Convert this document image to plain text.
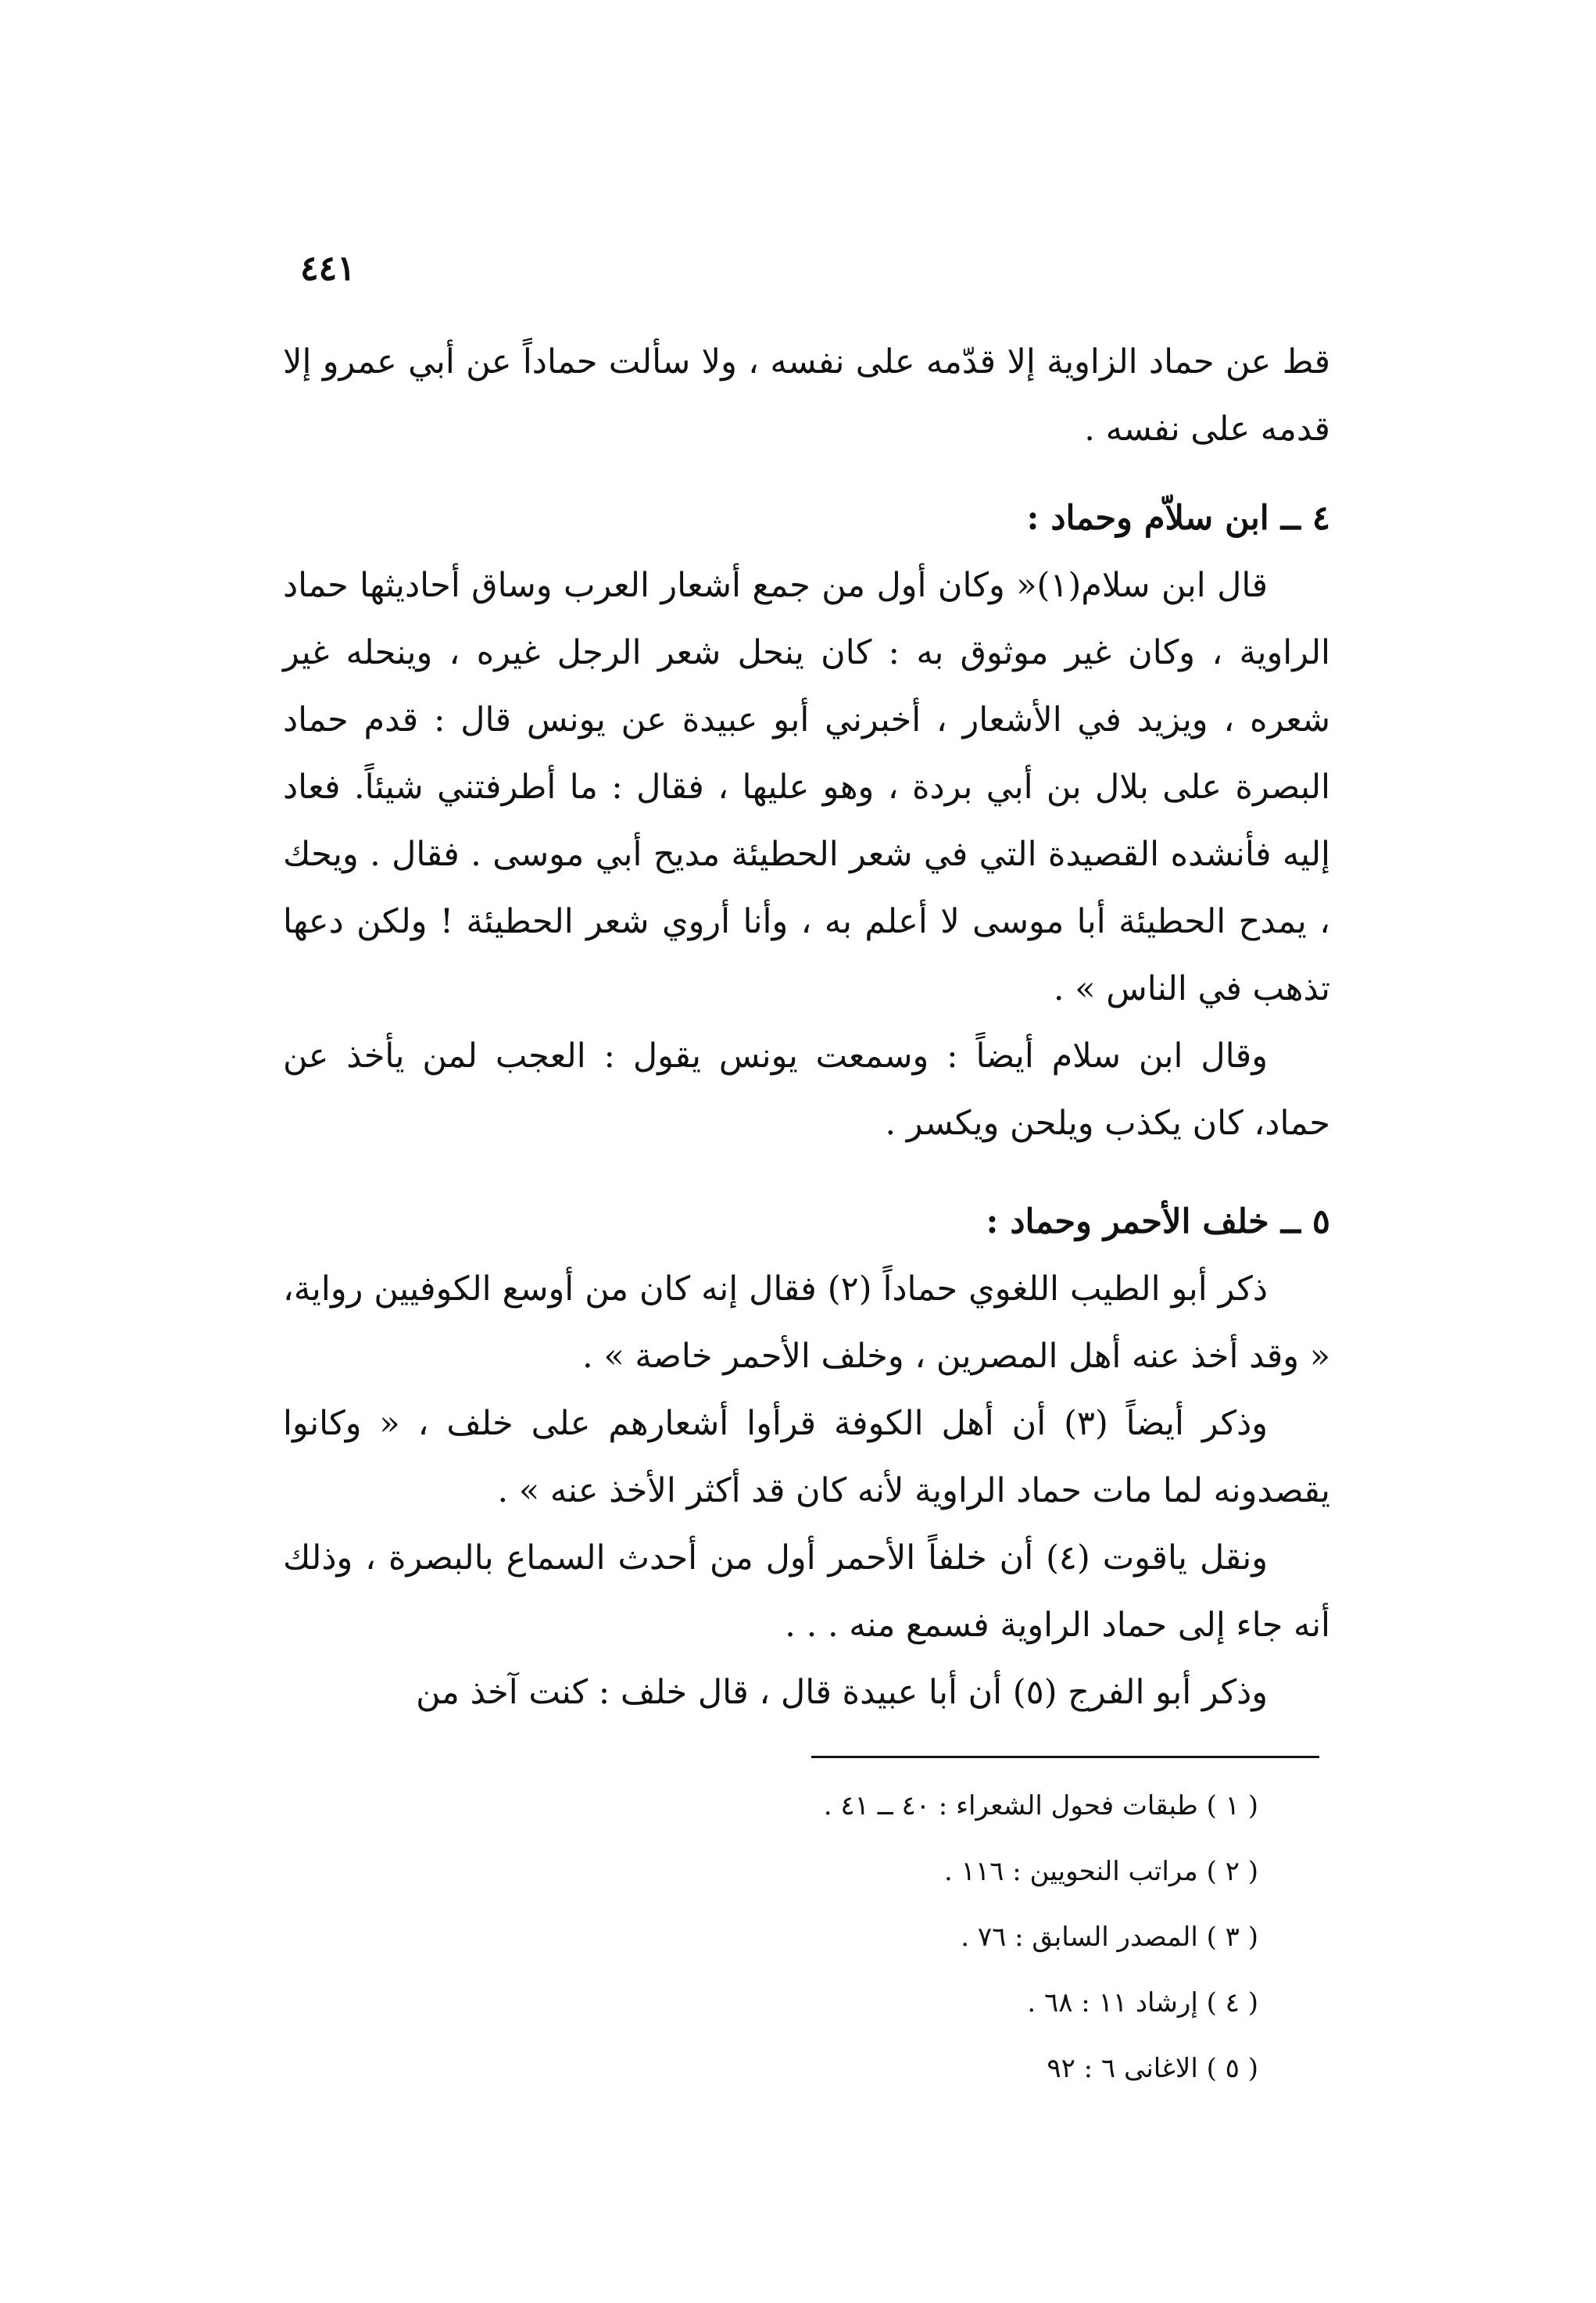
٤٤١

قط عن حماد الزاوية إلا قدّمه على نفسه ، ولا سألت حماداً عن أبي عمرو إلا قدمه على نفسه .

٤ ــ ابن سلاّم وحماد :

قال ابن سلام(١)« وكان أول من جمع أشعار العرب وساق أحاديثها حماد الراوية ، وكان غير موثوق به : كان ينحل شعر الرجل غيره ، وينحله غير شعره ، ويزيد في الأشعار ، أخبرني أبو عبيدة عن يونس قال : قدم حماد البصرة على بلال بن أبي بردة ، وهو عليها ، فقال : ما أطرفتني شيئاً. فعاد إليه فأنشده القصيدة التي في شعر الحطيئة مديح أبي موسى . فقال . ويحك ، يمدح الحطيئة أبا موسى لا أعلم به ، وأنا أروي شعر الحطيئة ! ولكن دعها تذهب في الناس » .

وقال ابن سلام أيضاً : وسمعت يونس يقول : العجب لمن يأخذ عن حماد، كان يكذب ويلحن ويكسر .

٥ ــ خلف الأحمر وحماد :

ذكر أبو الطيب اللغوي حماداً (٢) فقال إنه كان من أوسع الكوفيين رواية، « وقد أخذ عنه أهل المصرين ، وخلف الأحمر خاصة » .

وذكر أيضاً (٣) أن أهل الكوفة قرأوا أشعارهم على خلف ، « وكانوا يقصدونه لما مات حماد الراوية لأنه كان قد أكثر الأخذ عنه » .

ونقل ياقوت (٤) أن خلفاً الأحمر أول من أحدث السماع بالبصرة ، وذلك أنه جاء إلى حماد الراوية فسمع منه . . .

وذكر أبو الفرج (٥) أن أبا عبيدة قال ، قال خلف : كنت آخذ من

( ١ ) طبقات فحول الشعراء : ٤٠ ــ ٤١ .

( ٢ ) مراتب النحويين : ١١٦ .

( ٣ ) المصدر السابق : ٧٦ .

( ٤ ) إرشاد ١١ : ٦٨ .

( ٥ ) الاغانى ٦ : ٩٢
